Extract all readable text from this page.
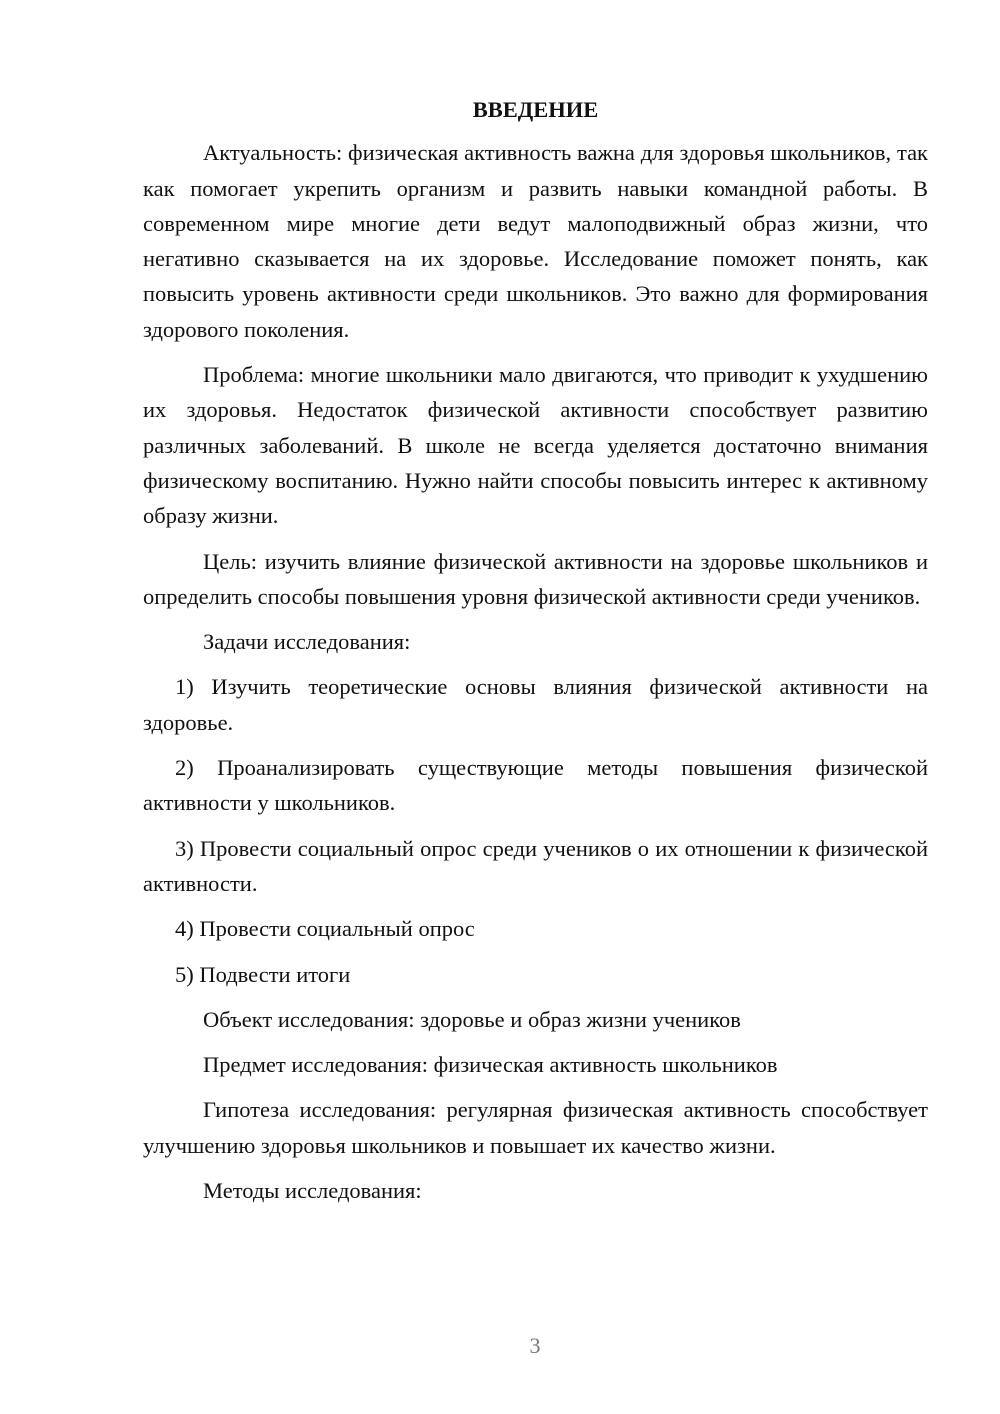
ВВЕДЕНИЕ

Актуальность: физическая активность важна для здоровья школьников, так как помогает укрепить организм и развить навыки командной работы. В современном мире многие дети ведут малоподвижный образ жизни, что негативно сказывается на их здоровье. Исследование поможет понять, как повысить уровень активности среди школьников. Это важно для формирования здорового поколения.

Проблема: многие школьники мало двигаются, что приводит к ухудшению их здоровья. Недостаток физической активности способствует развитию различных заболеваний. В школе не всегда уделяется достаточно внимания физическому воспитанию. Нужно найти способы повысить интерес к активному образу жизни.

Цель: изучить влияние физической активности на здоровье школьников и определить способы повышения уровня физической активности среди учеников.

Задачи исследования:

1) Изучить теоретические основы влияния физической активности на здоровье.

2) Проанализировать существующие методы повышения физической активности у школьников.

3) Провести социальный опрос среди учеников о их отношении к физической активности.

4) Провести социальный опрос

5) Подвести итоги

Объект исследования: здоровье и образ жизни учеников

Предмет исследования: физическая активность школьников

Гипотеза исследования: регулярная физическая активность способствует улучшению здоровья школьников и повышает их качество жизни.

Методы исследования:

3
